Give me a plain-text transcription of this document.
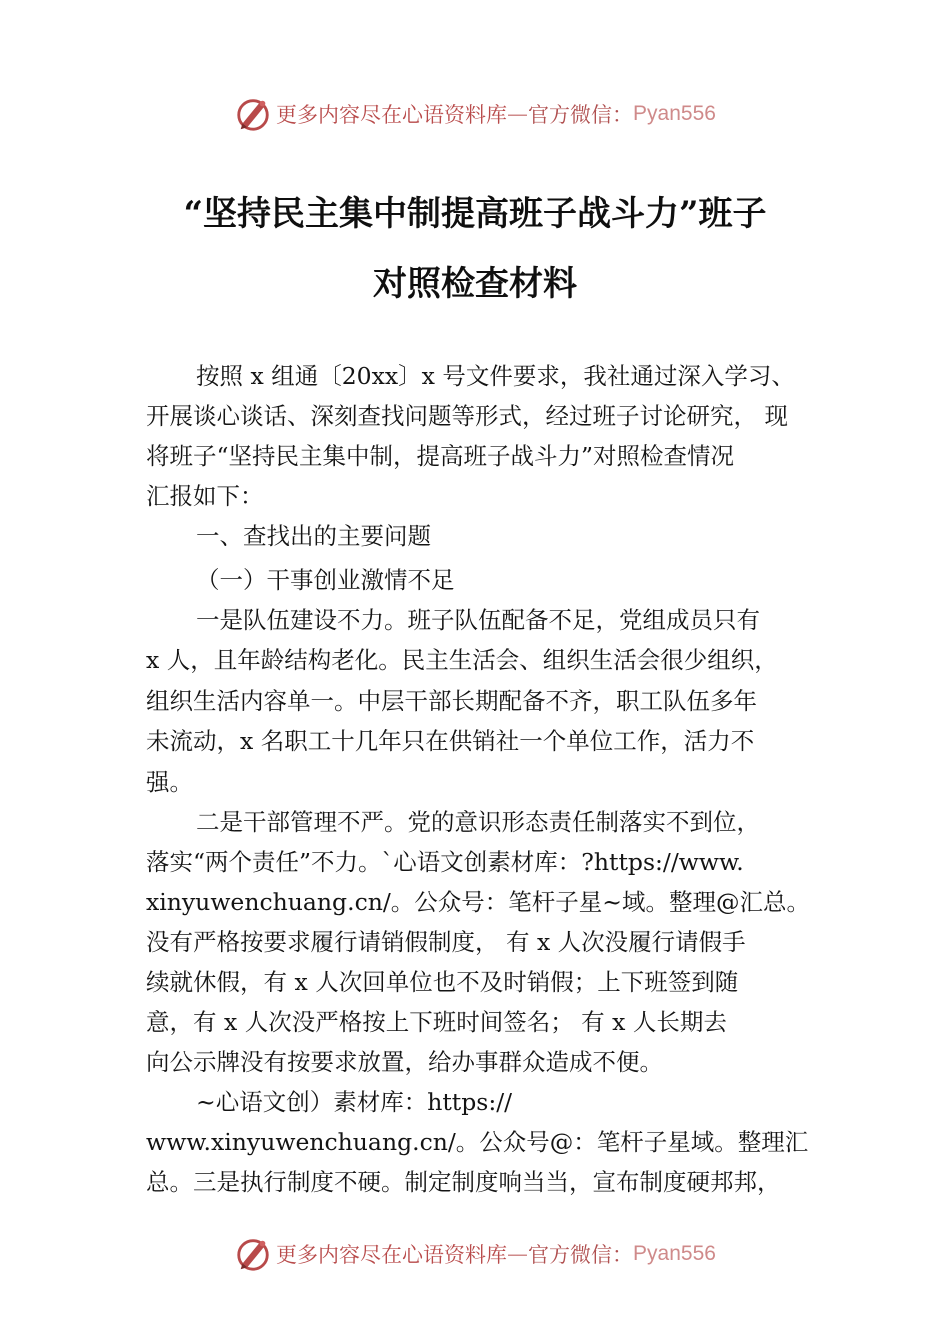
更多内容尽在心语资料库 — 官方微信： Pyan556
“坚持民主集中制提高班子战斗力”班子
对照检查材料
按照 x 组通〔20xx〕x 号文件要求，我社通过深入学习、
开展谈心谈话、深刻查找问题等形式，经过班子讨论研究， 现
将班子“坚持民主集中制，提高班子战斗力”对照检查情况
汇报如下：
一、查找出的主要问题
（一）干事创业激情不足
一是队伍建设不力。班子队伍配备不足，党组成员只有
x 人，且年龄结构老化。民主生活会、组织生活会很少组织，
组织生活内容单一。中层干部长期配备不齐，职工队伍多年
未流动，x 名职工十几年只在供销社一个单位工作，活力不
强。
二是干部管理不严。党的意识形态责任制落实不到位，
落实“两个责任”不力。`心语文创素材库：?https://www.
xinyuwenchuang.cn/。公众号：笔杆子星~域。整理@汇总。
没有严格按要求履行请销假制度， 有 x 人次没履行请假手
续就休假，有 x 人次回单位也不及时销假；上下班签到随
意，有 x 人次没严格按上下班时间签名； 有 x 人长期去
向公示牌没有按要求放置，给办事群众造成不便。
~心语文创）素材库：https://
www.xinyuwenchuang.cn/。公众号@：笔杆子星域。整理汇
总。三是执行制度不硬。制定制度响当当，宣布制度硬邦邦，
更多内容尽在心语资料库 — 官方微信： Pyan556
